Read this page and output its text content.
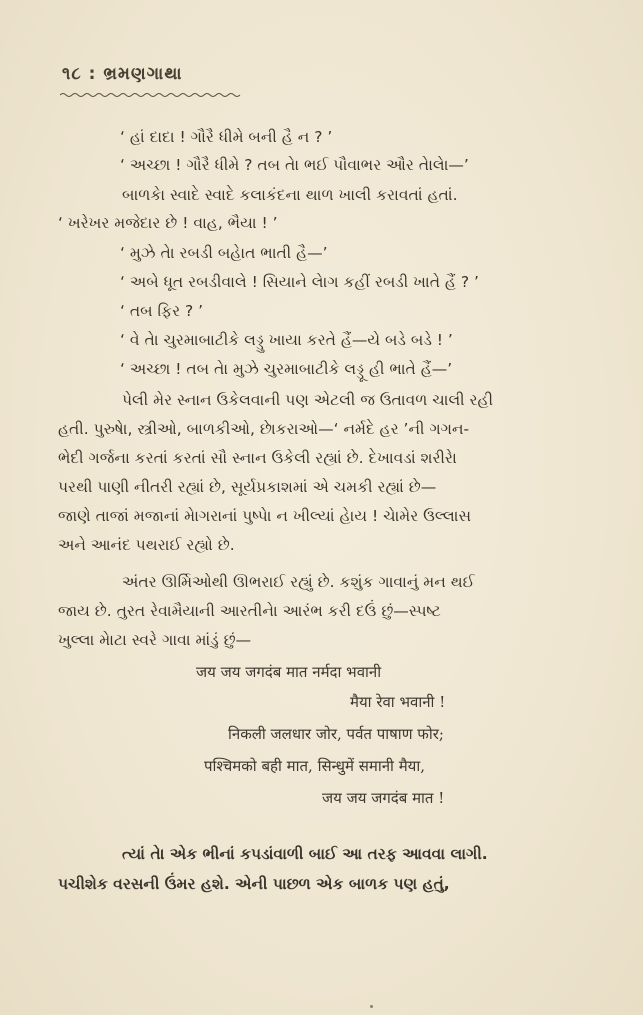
૧૮ : ભ્રમણગાથા
‘ હાં દાદા ! ગૌરૈ ધીમે બની હૈ ન ? ’
‘ અચ્છા ! ગૌરૈ ધીમે ? તબ તેા ભઈ પૌવાભર ઔર તેાલેા—’
બાળકેા સ્વાદે સ્વાદે કલાકંદના થાળ ખાલી કરાવતાં હતાં.
‘ ખરેખર મજેદાર છે ! વાહ, ભૈયા ! ’
‘ મુઝે તેા રબડી બહેાત ભાતી હૈ—’
‘ અબે ધૂત રબડીવાલે ! સિયાને લેાગ કહીં રબડી ખાતે હૈં ? ’
‘ તબ ફિર ? ’
‘ વે તેા ચુરમાબાટીકે લડ્ડુ ખાયા કરતે હૈં—યે બડે બડે ! ’
‘ અચ્છા ! તબ તેા મુઝે ચુરમાબાટીકે લડ્ડૂ હી ભાતે હૈં—’
પેલી મેર સ્નાન ઉકેલવાની પણ એટલી જ ઉતાવળ ચાલી રહી
હતી. પુરુષેા, સ્ત્રીઓ, બાળકીઓ, છેાકરાઓ—‘ નર્મદે હર ’ની ગગન-
ભેદી ગર્જના કરતાં કરતાં સૌ સ્નાન ઉકેલી રહ્યાં છે. દેખાવડાં શરીરેા
પરથી પાણી નીતરી રહ્યાં છે, સૂર્યપ્રકાશમાં એ ચમકી રહ્યાં છે—
જાણે તાજાં મજાનાં મેાગરાનાં પુષ્પેા ન ખીલ્યાં હેાય ! ચેામેર ઉલ્લાસ
અને આનંદ પથરાઈ રહ્યો છે.
અંતર ઊર્મિઓથી ઊભરાઈ રહ્યું છે. કશુંક ગાવાનું મન થઈ
જાય છે. તુરત રેવામૈયાની આરતીનેા આરંભ કરી દઉં છું—સ્પષ્ટ
ખુલ્લા મેાટા સ્વરે ગાવા માંડું છું—
जय जय जगदंब मात नर्मदा भवानी
मैया रेवा भवानी !
निकली जलधार जोर, पर्वत पाषाण फोर;
पश्चिमको बही मात, सिन्धुमें समानी मैया,
जय जय जगदंब मात !
ત્યાં તેા એક ભીનાં કપડાંવાળી બાઈ આ તરફ આવવા લાગી.
પચીશેક વરસની ઉંમર હશે. એની પાછળ એક બાળક પણ હતું,
